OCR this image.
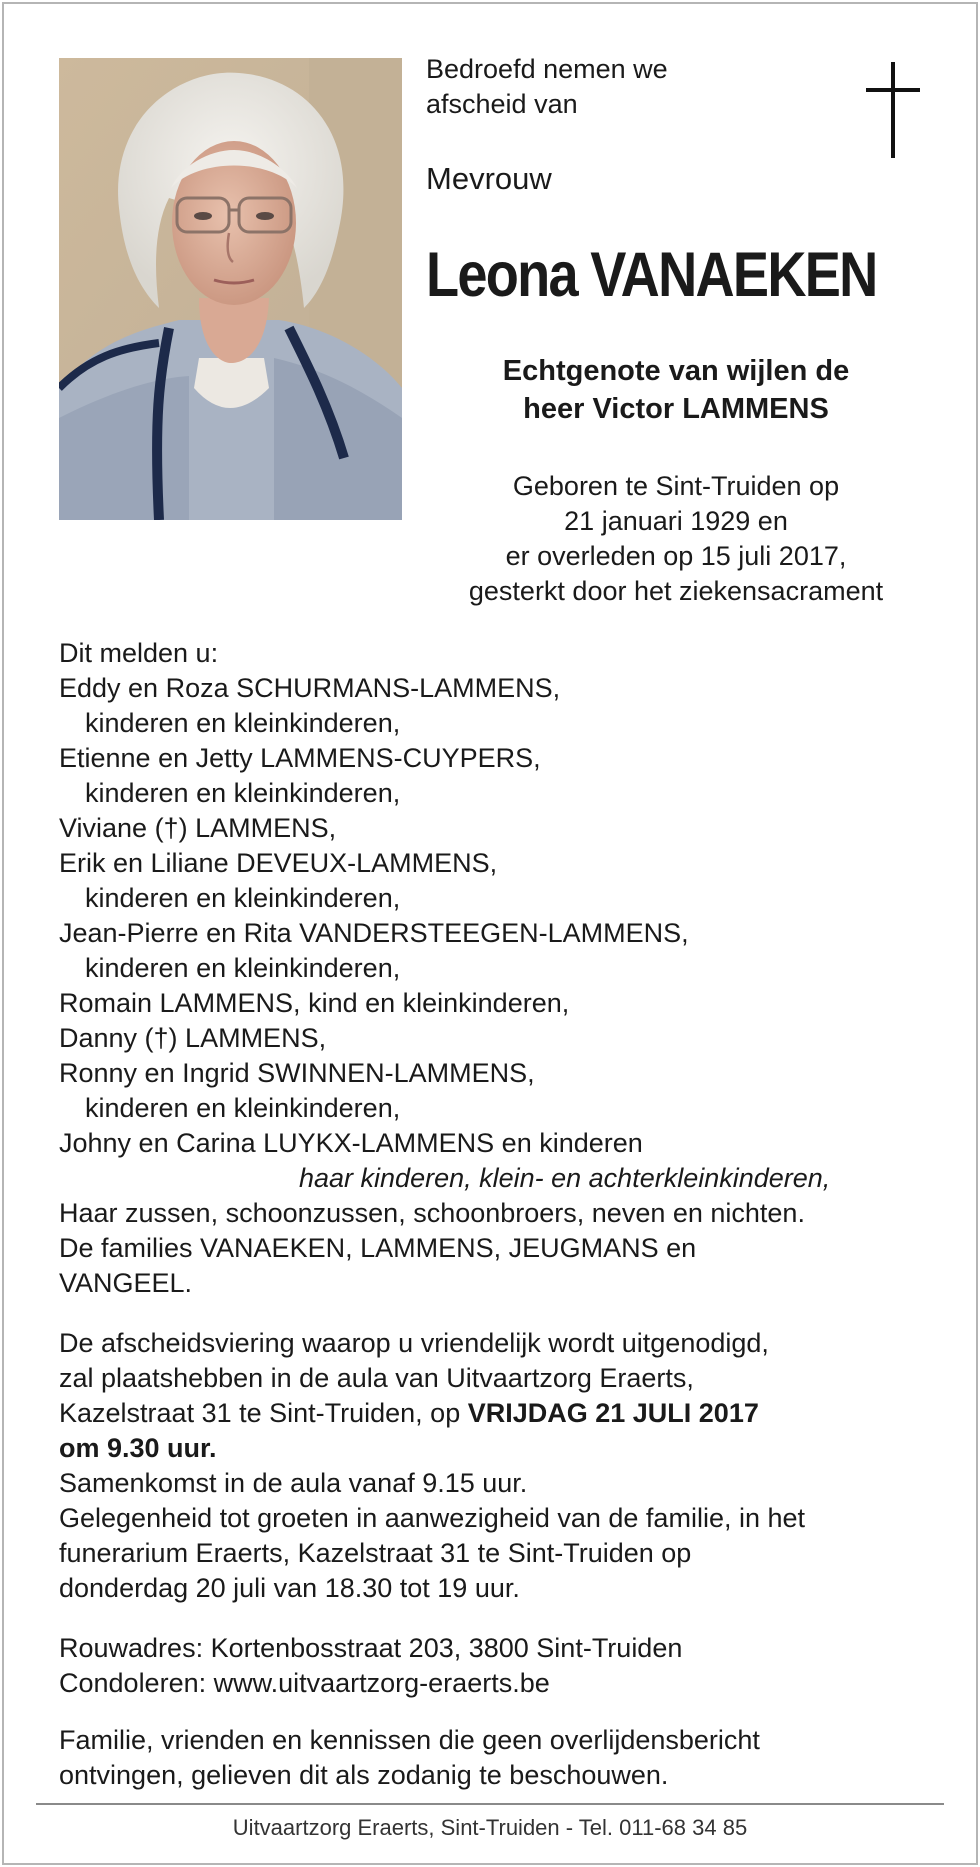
Bedroefd nemen we
afscheid van
Mevrouw
Leona VANAEKEN
Echtgenote van wijlen de
heer Victor LAMMENS
Geboren te Sint-Truiden op
21 januari 1929 en
er overleden op 15 juli 2017,
gesterkt door het ziekensacrament
Dit melden u:
Eddy en Roza SCHURMANS-LAMMENS,
kinderen en kleinkinderen,
Etienne en Jetty LAMMENS-CUYPERS,
kinderen en kleinkinderen,
Viviane (†) LAMMENS,
Erik en Liliane DEVEUX-LAMMENS,
kinderen en kleinkinderen,
Jean-Pierre en Rita VANDERSTEEGEN-LAMMENS,
kinderen en kleinkinderen,
Romain LAMMENS, kind en kleinkinderen,
Danny (†) LAMMENS,
Ronny en Ingrid SWINNEN-LAMMENS,
kinderen en kleinkinderen,
Johny en Carina LUYKX-LAMMENS en kinderen
haar kinderen, klein- en achterkleinkinderen,
Haar zussen, schoonzussen, schoonbroers, neven en nichten.
De families VANAEKEN, LAMMENS, JEUGMANS en
VANGEEL.
De afscheidsviering waarop u vriendelijk wordt uitgenodigd,
zal plaatshebben in de aula van Uitvaartzorg Eraerts,
Kazelstraat 31 te Sint-Truiden, op VRIJDAG 21 JULI 2017
om 9.30 uur.
Samenkomst in de aula vanaf 9.15 uur.
Gelegenheid tot groeten in aanwezigheid van de familie, in het
funerarium Eraerts, Kazelstraat 31 te Sint-Truiden op
donderdag 20 juli van 18.30 tot 19 uur.
Rouwadres: Kortenbosstraat 203, 3800 Sint-Truiden
Condoleren: www.uitvaartzorg-eraerts.be
Familie, vrienden en kennissen die geen overlijdensbericht
ontvingen, gelieven dit als zodanig te beschouwen.
Uitvaartzorg Eraerts, Sint-Truiden - Tel. 011-68 34 85
